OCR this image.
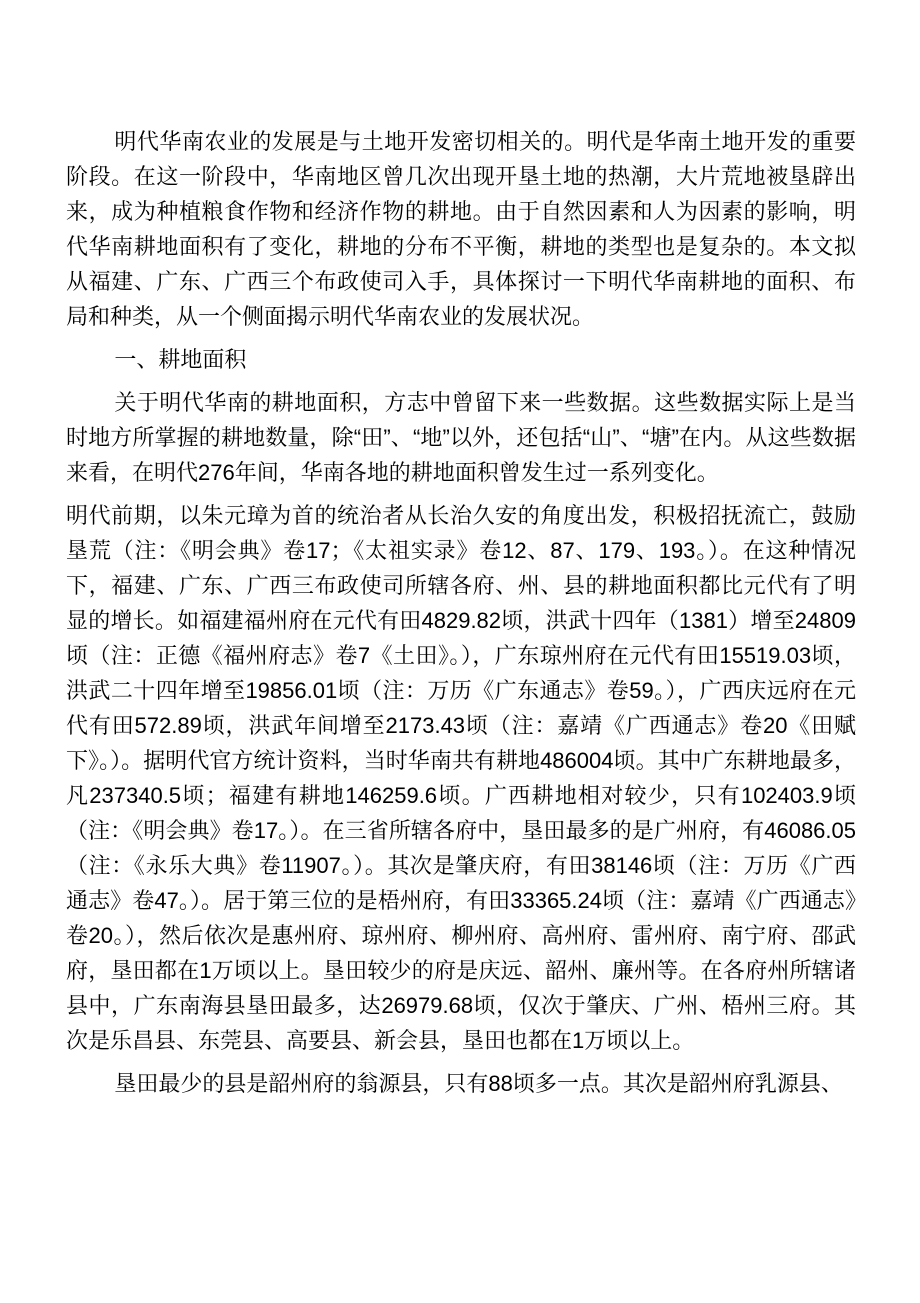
明代华南农业的发展是与土地开发密切相关的。明代是华南土地开发的重要阶段。在这一阶段中，华南地区曾几次出现开垦土地的热潮，大片荒地被垦辟出来，成为种植粮食作物和经济作物的耕地。由于自然因素和人为因素的影响，明代华南耕地面积有了变化，耕地的分布不平衡，耕地的类型也是复杂的。本文拟从福建、广东、广西三个布政使司入手，具体探讨一下明代华南耕地的面积、布局和种类，从一个侧面揭示明代华南农业的发展状况。

一、耕地面积

关于明代华南的耕地面积，方志中曾留下来一些数据。这些数据实际上是当时地方所掌握的耕地数量，除“田”、“地”以外，还包括“山”、“塘”在内。从这些数据来看，在明代276年间，华南各地的耕地面积曾发生过一系列变化。

明代前期，以朱元璋为首的统治者从长治久安的角度出发，积极招抚流亡，鼓励垦荒（注：《明会典》卷17；《太祖实录》卷12、87、179、193。）。在这种情况下，福建、广东、广西三布政使司所辖各府、州、县的耕地面积都比元代有了明显的增长。如福建福州府在元代有田4829.82顷，洪武十四年（1381）增至24809顷（注：正德《福州府志》卷7《土田》。），广东琼州府在元代有田15519.03顷，洪武二十四年增至19856.01顷（注：万历《广东通志》卷59。），广西庆远府在元代有田572.89顷，洪武年间增至2173.43顷（注：嘉靖《广西通志》卷20《田赋下》。）。据明代官方统计资料，当时华南共有耕地486004顷。其中广东耕地最多，凡237340.5顷；福建有耕地146259.6顷。广西耕地相对较少，只有102403.9顷（注：《明会典》卷17。）。在三省所辖各府中，垦田最多的是广州府，有46086.05（注：《永乐大典》卷11907。）。其次是肇庆府，有田38146顷（注：万历《广西通志》卷47。）。居于第三位的是梧州府，有田33365.24顷（注：嘉靖《广西通志》卷20。），然后依次是惠州府、琼州府、柳州府、高州府、雷州府、南宁府、邵武府，垦田都在1万顷以上。垦田较少的府是庆远、韶州、廉州等。在各府州所辖诸县中，广东南海县垦田最多，达26979.68顷，仅次于肇庆、广州、梧州三府。其次是乐昌县、东莞县、高要县、新会县，垦田也都在1万顷以上。

垦田最少的县是韶州府的翁源县，只有88顷多一点。其次是韶州府乳源县、
